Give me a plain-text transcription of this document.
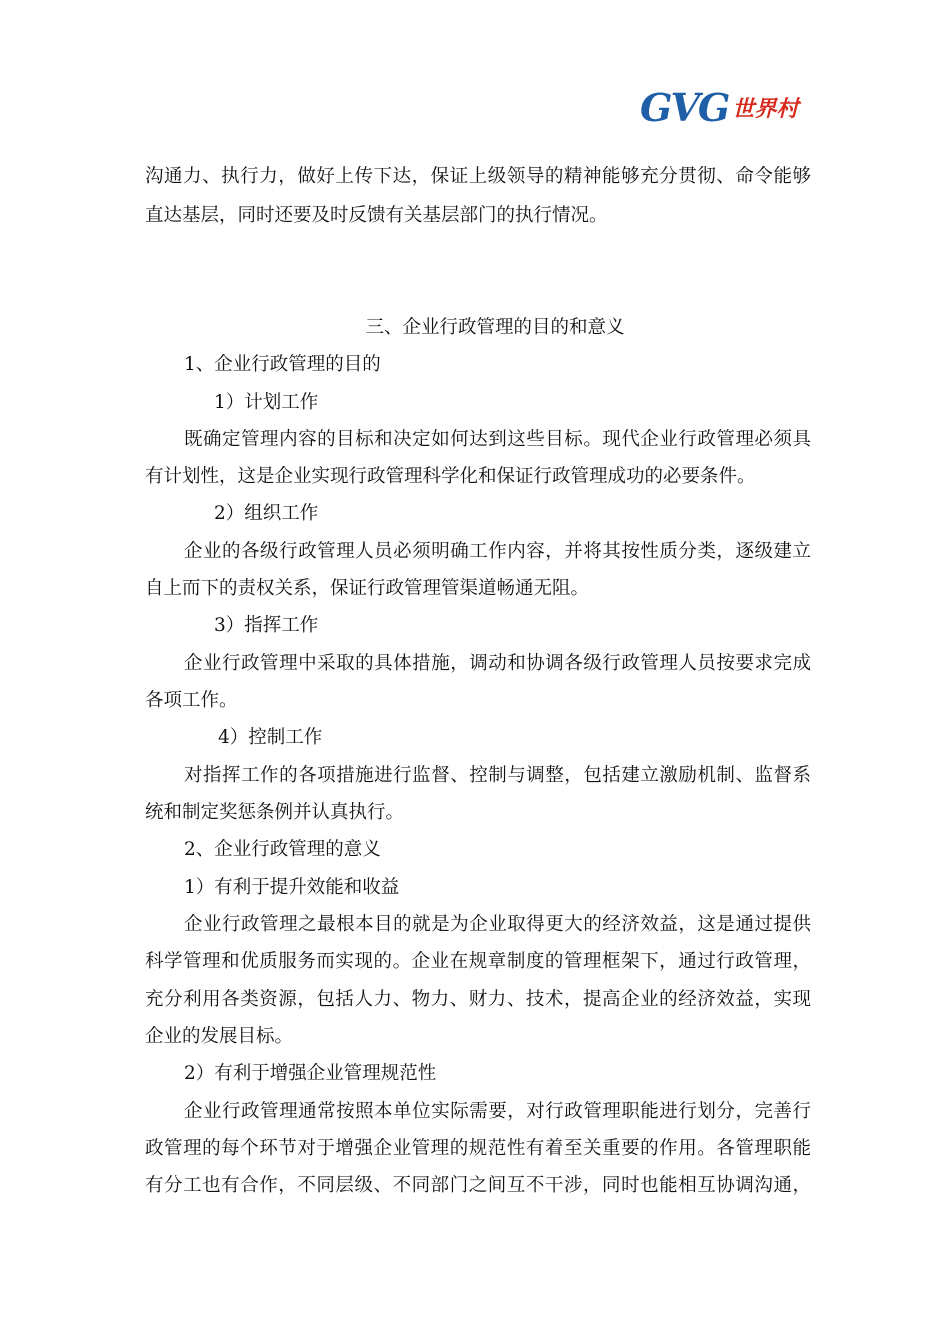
GVG 世界村
沟通力、执行力，做好上传下达，保证上级领导的精神能够充分贯彻、命令能够
直达基层，同时还要及时反馈有关基层部门的执行情况。
三、企业行政管理的目的和意义
1、企业行政管理的目的
1）计划工作
既确定管理内容的目标和决定如何达到这些目标。现代企业行政管理必须具
有计划性，这是企业实现行政管理科学化和保证行政管理成功的必要条件。
2）组织工作
企业的各级行政管理人员必须明确工作内容，并将其按性质分类，逐级建立
自上而下的责权关系，保证行政管理管渠道畅通无阻。
3）指挥工作
企业行政管理中采取的具体措施，调动和协调各级行政管理人员按要求完成
各项工作。
4）控制工作
对指挥工作的各项措施进行监督、控制与调整，包括建立激励机制、监督系
统和制定奖惩条例并认真执行。
2、企业行政管理的意义
1）有利于提升效能和收益
企业行政管理之最根本目的就是为企业取得更大的经济效益，这是通过提供
科学管理和优质服务而实现的。企业在规章制度的管理框架下，通过行政管理，
充分利用各类资源，包括人力、物力、财力、技术，提高企业的经济效益，实现
企业的发展目标。
2）有利于增强企业管理规范性
企业行政管理通常按照本单位实际需要，对行政管理职能进行划分，完善行
政管理的每个环节对于增强企业管理的规范性有着至关重要的作用。各管理职能
有分工也有合作，不同层级、不同部门之间互不干涉，同时也能相互协调沟通，
